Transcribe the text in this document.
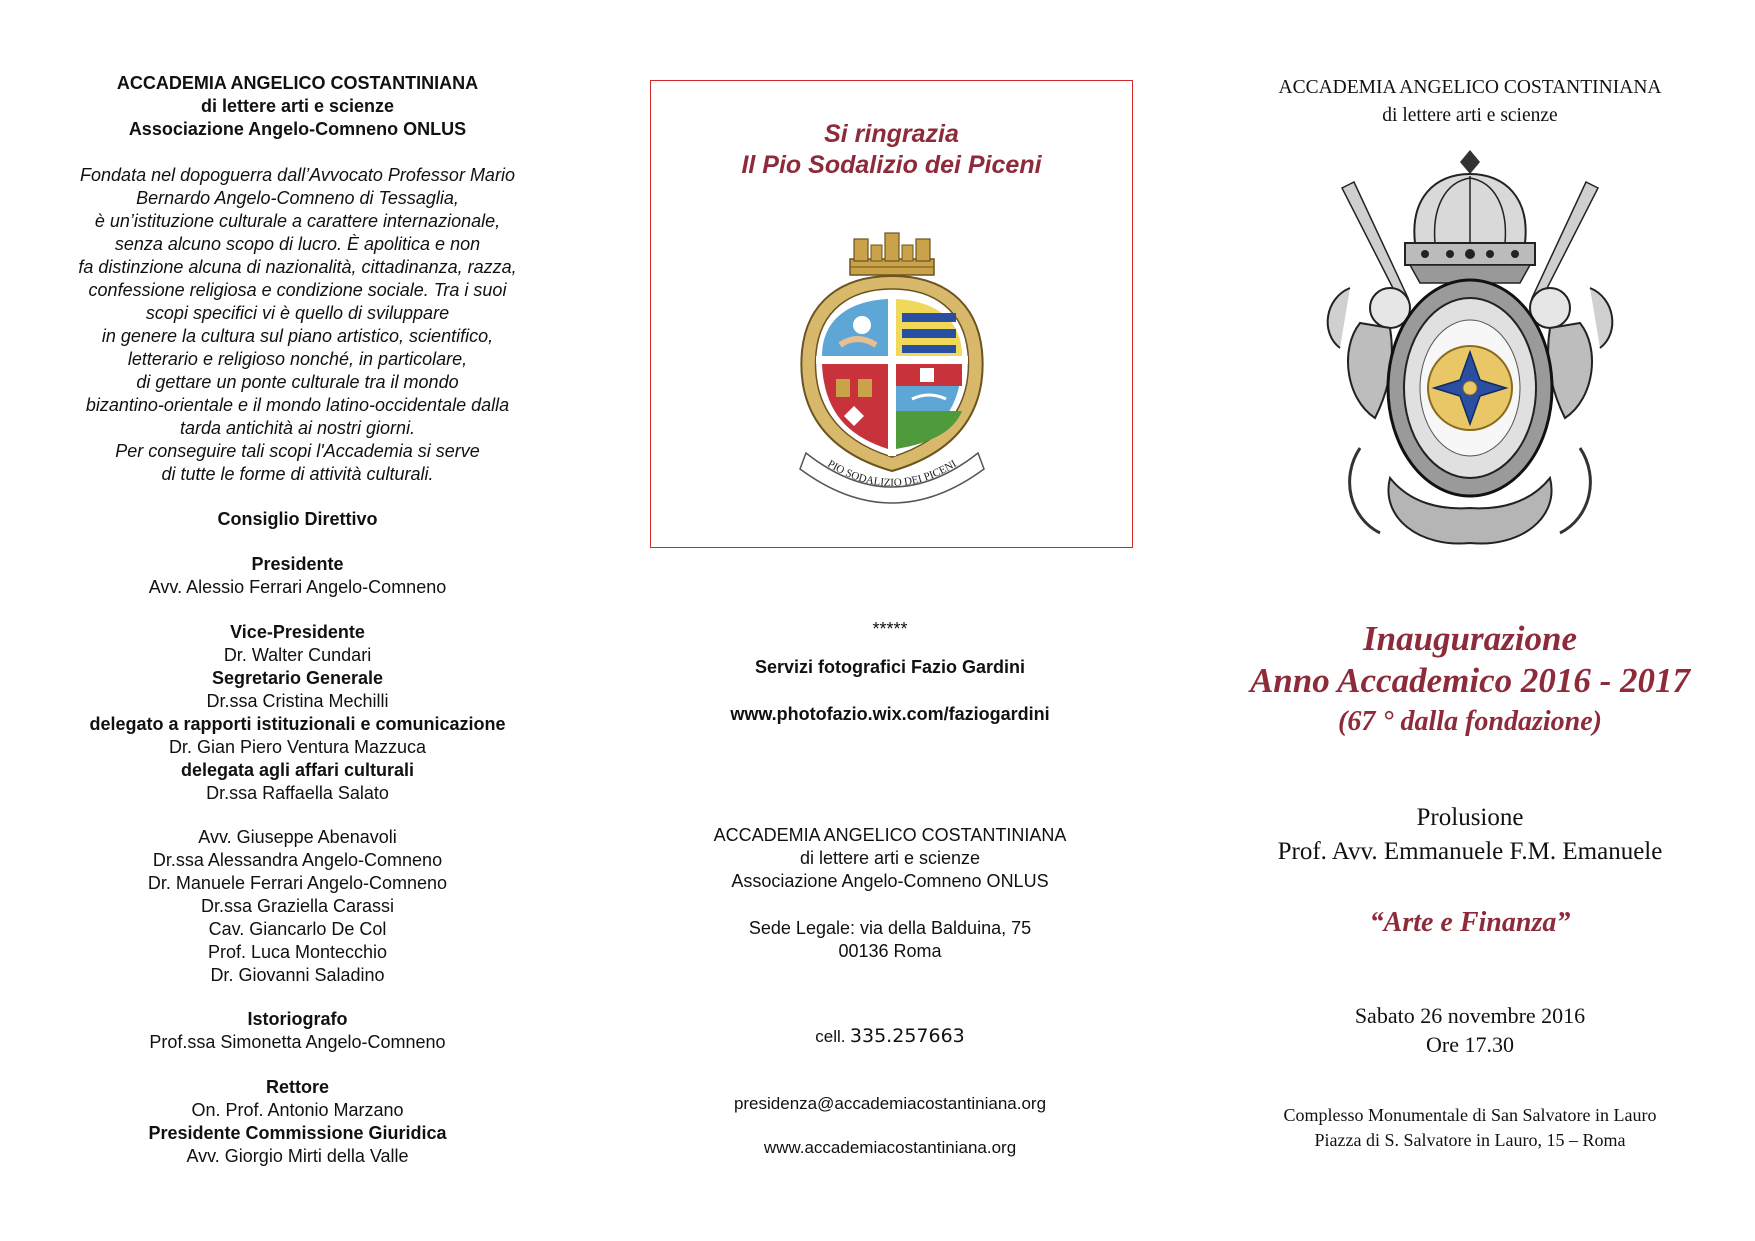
ACCADEMIA ANGELICO COSTANTINIANA
di lettere arti e scienze
Associazione Angelo-Comneno ONLUS
Fondata nel dopoguerra dall’Avvocato Professor Mario
Bernardo Angelo-Comneno di Tessaglia,
è un’istituzione culturale a carattere internazionale,
senza alcuno scopo di lucro. È apolitica e non
fa distinzione alcuna di nazionalità, cittadinanza, razza,
confessione religiosa e condizione sociale. Tra i suoi
scopi specifici vi è quello di sviluppare
in genere la cultura sul piano artistico, scientifico,
letterario e religioso nonché, in particolare,
di gettare un ponte culturale tra il mondo
bizantino-orientale e il mondo latino-occidentale dalla
tarda antichità ai nostri giorni.
Per conseguire tali scopi l'Accademia si serve
di tutte le forme di attività culturali.
Consiglio Direttivo
Presidente
Avv. Alessio Ferrari Angelo-Comneno
Vice-Presidente
Dr. Walter Cundari
Segretario Generale
Dr.ssa Cristina Mechilli
delegato a rapporti istituzionali e comunicazione
Dr. Gian Piero Ventura Mazzuca
delegata agli affari culturali
Dr.ssa Raffaella Salato
Avv. Giuseppe Abenavoli
Dr.ssa Alessandra Angelo-Comneno
Dr. Manuele Ferrari Angelo-Comneno
Dr.ssa Graziella Carassi
Cav. Giancarlo De Col
Prof. Luca Montecchio
Dr. Giovanni Saladino
Istoriografo
Prof.ssa Simonetta Angelo-Comneno
Rettore
On. Prof. Antonio Marzano
Presidente Commissione Giuridica
Avv. Giorgio Mirti della Valle
Si ringrazia
Il Pio Sodalizio dei Piceni
PIO SODALIZIO DEI PICENI
*****
Servizi fotografici Fazio Gardini
www.photofazio.wix.com/faziogardini
ACCADEMIA ANGELICO COSTANTINIANA
di lettere arti e scienze
Associazione Angelo-Comneno ONLUS
Sede Legale: via della Balduina, 75
00136 Roma
cell. 335.257663
presidenza@accademiacostantiniana.org
www.accademiacostantiniana.org
ACCADEMIA ANGELICO COSTANTINIANA
di lettere arti e scienze
Inaugurazione
Anno Accademico 2016 - 2017
(67 ° dalla fondazione)
Prolusione
Prof. Avv. Emmanuele F.M. Emanuele
“Arte e Finanza”
Sabato 26 novembre 2016
Ore 17.30
Complesso Monumentale di San Salvatore in Lauro
Piazza di S. Salvatore in Lauro, 15 – Roma
